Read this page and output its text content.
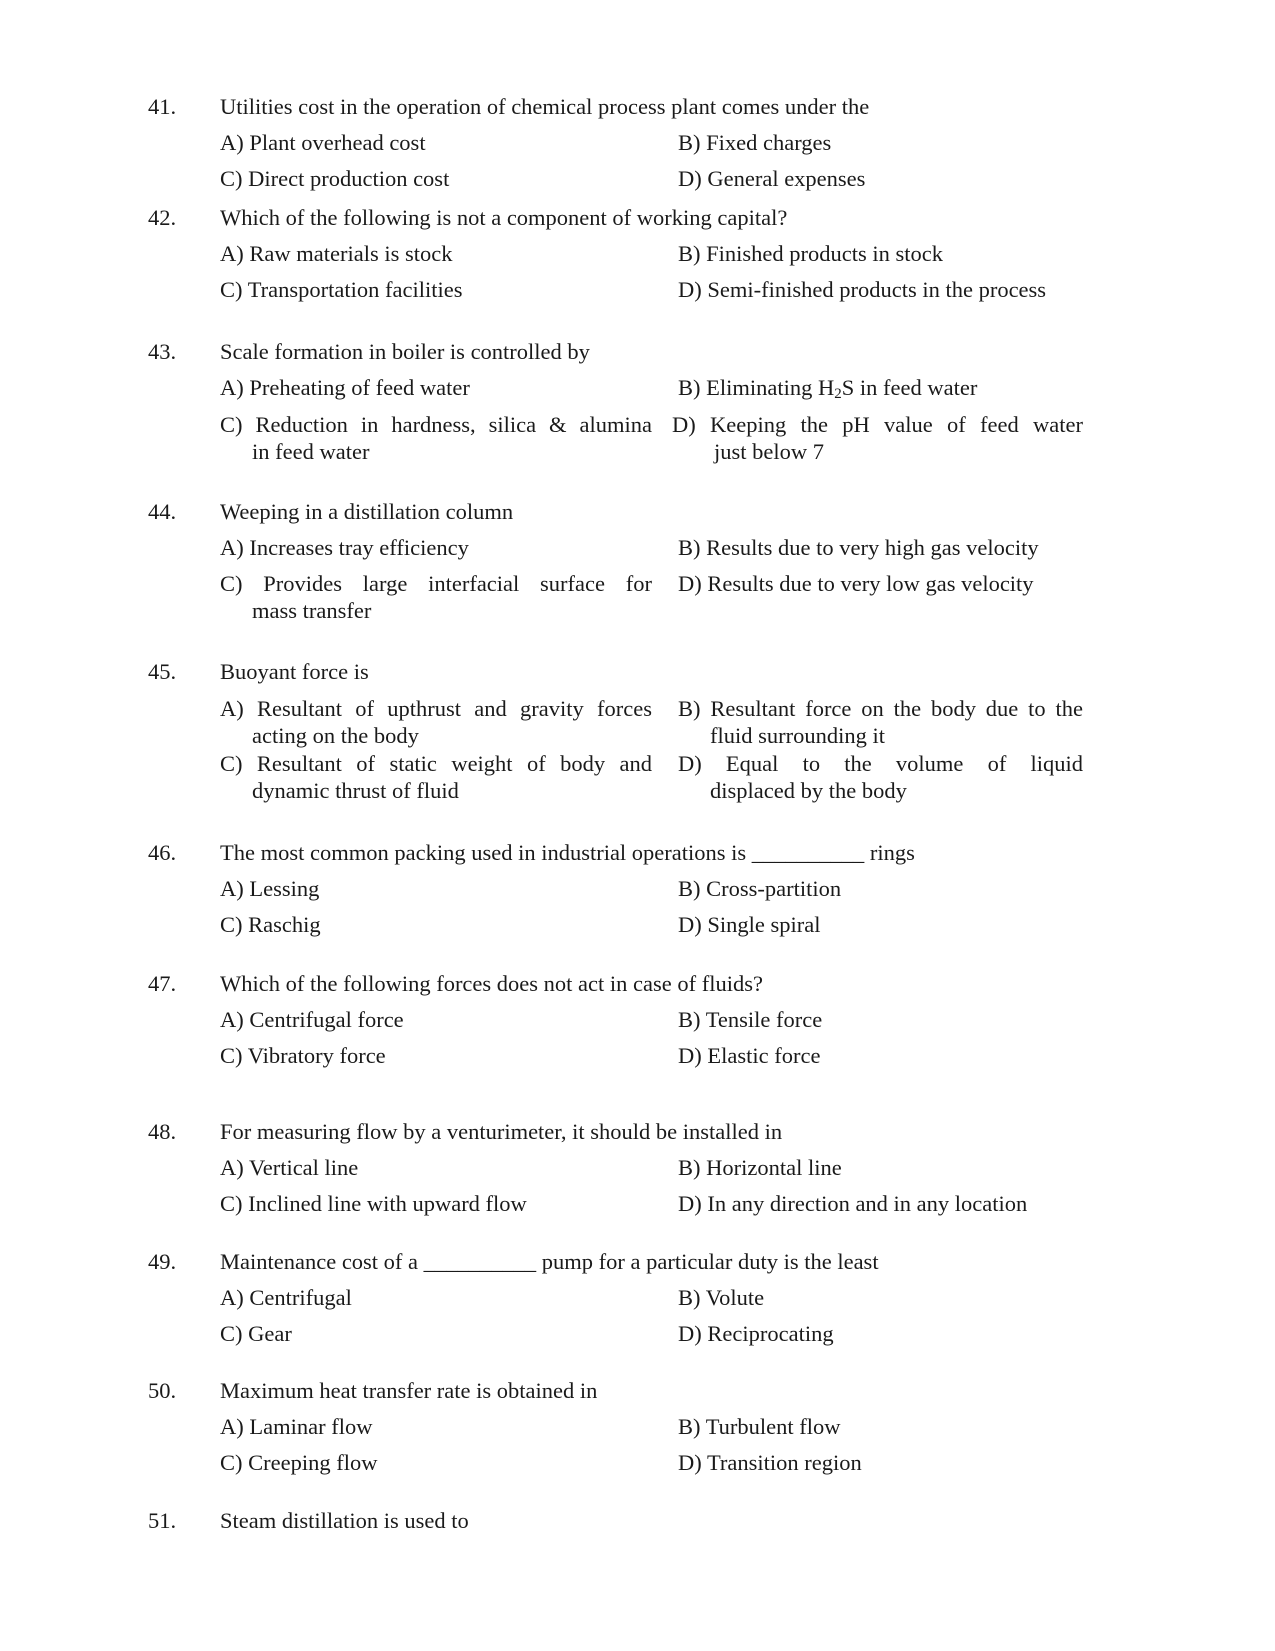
41. Utilities cost in the operation of chemical process plant comes under the
A) Plant overhead cost	B) Fixed charges
C) Direct production cost	D) General expenses
42. Which of the following is not a component of working capital?
A) Raw materials is stock	B) Finished products in stock
C) Transportation facilities	D) Semi-finished products in the process
43. Scale formation in boiler is controlled by
A) Preheating of feed water	B) Eliminating $H_2S$ in feed water
C) Reduction in hardness, silica & alumina
in feed water
D) Keeping the pH value of feed water
just below 7
44. Weeping in a distillation column
A) Increases tray efficiency	B) Results due to very high gas velocity
C) Provides large interfacial surface for
mass transfer
D) Results due to very low gas velocity
45. Buoyant force is
A) Resultant of upthrust and gravity forces
acting on the body
B) Resultant force on the body due to the
fluid surrounding it
C) Resultant of static weight of body and
dynamic thrust of fluid
D) Equal to the volume of liquid
displaced by the body
46. The most common packing used in industrial operations is __________ rings
A) Lessing	B) Cross-partition
C) Raschig	D) Single spiral
47. Which of the following forces does not act in case of fluids?
A) Centrifugal force	B) Tensile force
C) Vibratory force	D) Elastic force
48. For measuring flow by a venturimeter, it should be installed in
A) Vertical line	B) Horizontal line
C) Inclined line with upward flow	D) In any direction and in any location
49. Maintenance cost of a __________ pump for a particular duty is the least
A) Centrifugal	B) Volute
C) Gear	D) Reciprocating
50. Maximum heat transfer rate is obtained in
A) Laminar flow	B) Turbulent flow
C) Creeping flow	D) Transition region
51. Steam distillation is used to
